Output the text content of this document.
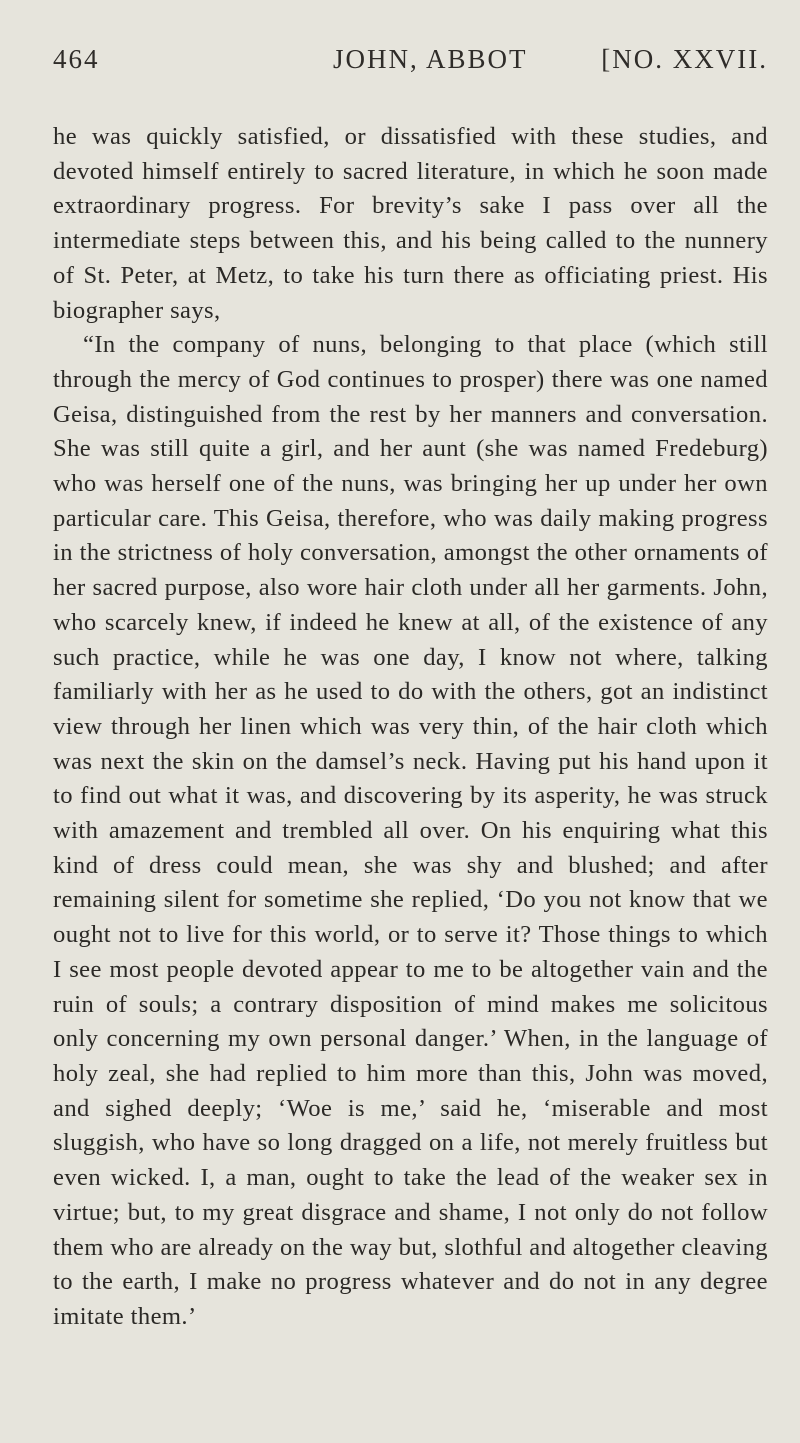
464	JOHN, ABBOT	[NO. XXVII.

he was quickly satisfied, or dissatisfied with these studies, and devoted himself entirely to sacred literature, in which he soon made extraordinary progress. For brevity’s sake I pass over all the intermediate steps between this, and his being called to the nunnery of St. Peter, at Metz, to take his turn there as officiating priest. His biographer says,

“In the company of nuns, belonging to that place (which still through the mercy of God continues to prosper) there was one named Geisa, distinguished from the rest by her manners and conversation. She was still quite a girl, and her aunt (she was named Fredeburg) who was herself one of the nuns, was bringing her up under her own particular care. This Geisa, therefore, who was daily making progress in the strictness of holy conversation, amongst the other ornaments of her sacred purpose, also wore hair cloth under all her garments. John, who scarcely knew, if indeed he knew at all, of the existence of any such practice, while he was one day, I know not where, talking familiarly with her as he used to do with the others, got an indistinct view through her linen which was very thin, of the hair cloth which was next the skin on the damsel’s neck. Having put his hand upon it to find out what it was, and discovering by its asperity, he was struck with amazement and trembled all over. On his enquiring what this kind of dress could mean, she was shy and blushed; and after remaining silent for sometime she replied, ‘Do you not know that we ought not to live for this world, or to serve it? Those things to which I see most people devoted appear to me to be altogether vain and the ruin of souls; a contrary disposition of mind makes me solicitous only concerning my own personal danger.’ When, in the language of holy zeal, she had replied to him more than this, John was moved, and sighed deeply; ‘Woe is me,’ said he, ‘miserable and most sluggish, who have so long dragged on a life, not merely fruitless but even wicked. I, a man, ought to take the lead of the weaker sex in virtue; but, to my great disgrace and shame, I not only do not follow them who are already on the way but, slothful and altogether cleaving to the earth, I make no progress whatever and do not in any degree imitate them.’
